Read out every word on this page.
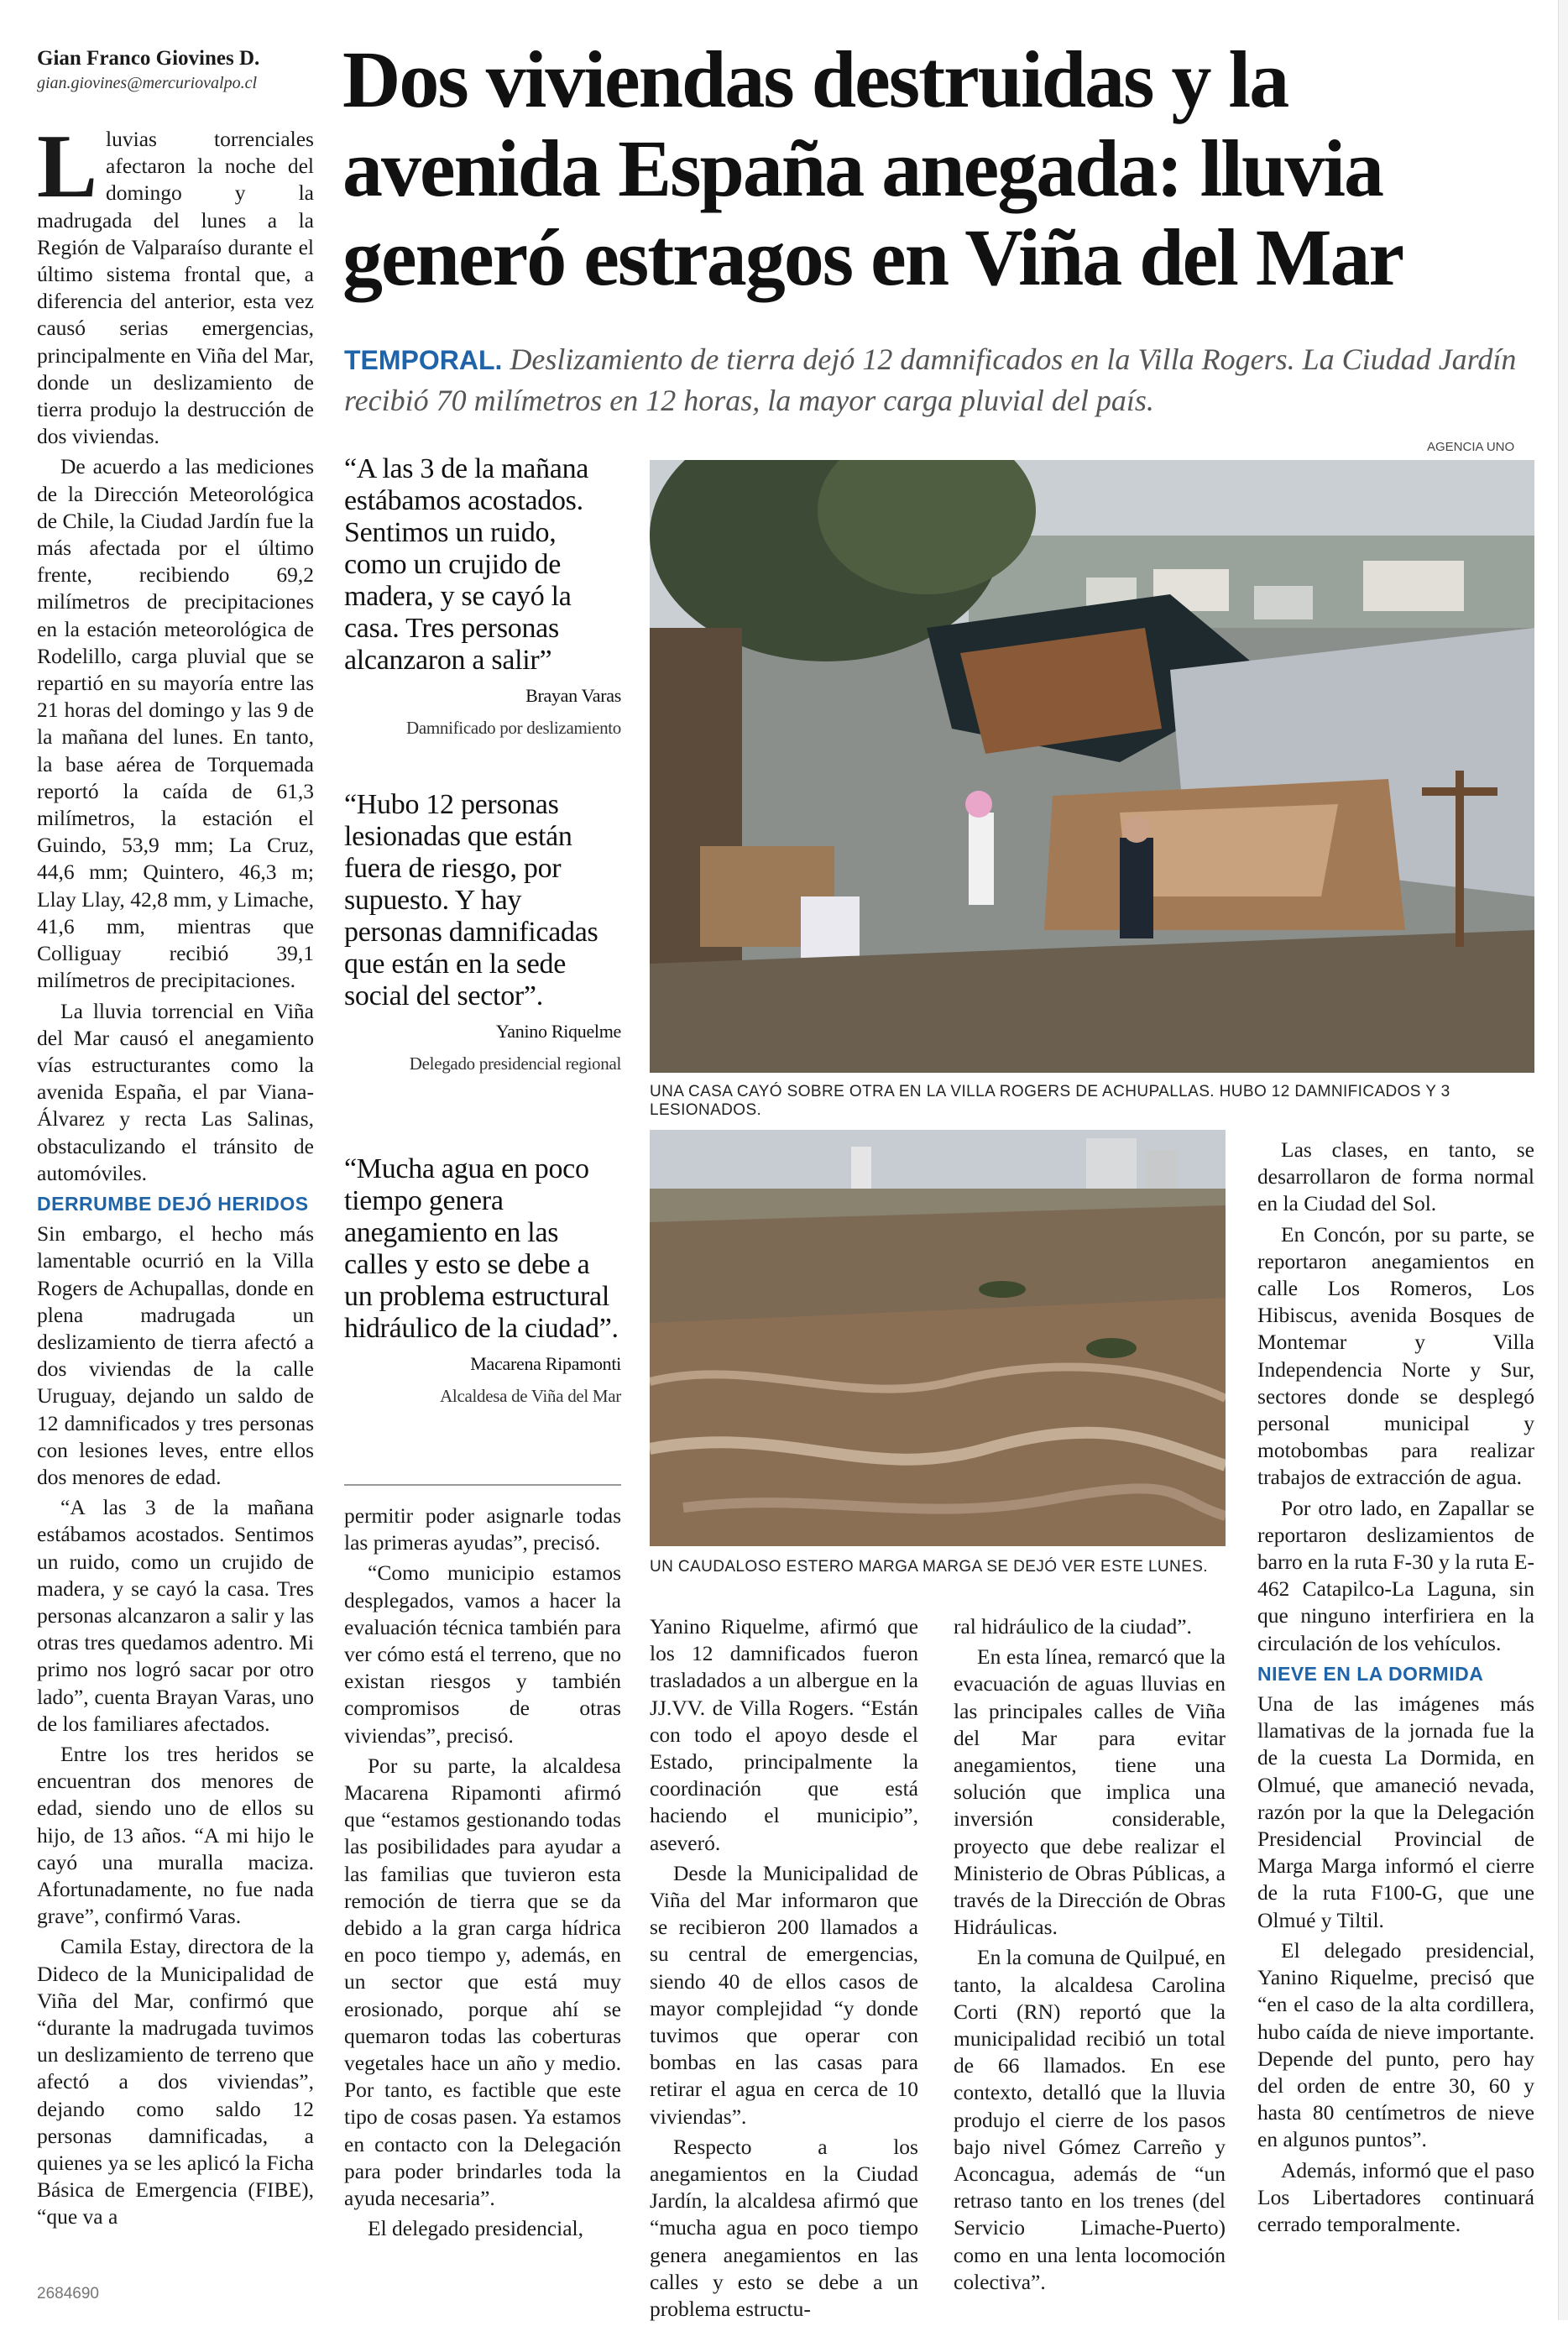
Gian Franco Giovines D.
gian.giovines@mercuriovalpo.cl Dos viviendas destruidas y la avenida España anegada: lluvia generó estragos en Viña del Mar
TEMPORAL. Deslizamiento de tierra dejó 12 damnificados en la Villa Rogers. La Ciudad Jardín recibió 70 milímetros en 12 horas, la mayor carga pluvial del país.
AGENCIA UNO

Lluvias torrenciales afectaron la noche del domingo y la madrugada del lunes a la Región de Valparaíso durante el último sistema frontal que, a diferencia del anterior, esta vez causó serias emergencias, principalmente en Viña del Mar, donde un deslizamiento de tierra produjo la destrucción de dos viviendas.

De acuerdo a las mediciones de la Dirección Meteorológica de Chile, la Ciudad Jardín fue la más afectada por el último frente, recibiendo 69,2 milímetros de precipitaciones en la estación meteorológica de Rodelillo, carga pluvial que se repartió en su mayoría entre las 21 horas del domingo y las 9 de la mañana del lunes. En tanto, la base aérea de Torquemada reportó la caída de 61,3 milímetros, la estación el Guindo, 53,9 mm; La Cruz, 44,6 mm; Quintero, 46,3 m; Llay Llay, 42,8 mm, y Limache, 41,6 mm, mientras que Colliguay recibió 39,1 milímetros de precipitaciones.

La lluvia torrencial en Viña del Mar causó el anegamiento vías estructurantes como la avenida España, el par Viana-Álvarez y recta Las Salinas, obstaculizando el tránsito de automóviles.

DERRUMBE DEJÓ HERIDOS

Sin embargo, el hecho más lamentable ocurrió en la Villa Rogers de Achupallas, donde en plena madrugada un deslizamiento de tierra afectó a dos viviendas de la calle Uruguay, dejando un saldo de 12 damnificados y tres personas con lesiones leves, entre ellos dos menores de edad.

“A las 3 de la mañana estábamos acostados. Sentimos un ruido, como un crujido de madera, y se cayó la casa. Tres personas alcanzaron a salir y las otras tres quedamos adentro. Mi primo nos logró sacar por otro lado”, cuenta Brayan Varas, uno de los familiares afectados.

Entre los tres heridos se encuentran dos menores de edad, siendo uno de ellos su hijo, de 13 años. “A mi hijo le cayó una muralla maciza. Afortunadamente, no fue nada grave”, confirmó Varas.

Camila Estay, directora de la Dideco de la Municipalidad de Viña del Mar, confirmó que “durante la madrugada tuvimos un deslizamiento de terreno que afectó a dos viviendas”, dejando como saldo 12 personas damnificadas, a quienes ya se les aplicó la Ficha Básica de Emergencia (FIBE), “que va a

2684690
“A las 3 de la mañana estábamos acostados. Sentimos un ruido, como un crujido de madera, y se cayó la casa. Tres personas alcanzaron a salir”
Brayan Varas
Damnificado por deslizamiento
“Hubo 12 personas lesionadas que están fuera de riesgo, por supuesto. Y hay personas damnificadas que están en la sede social del sector”.
Yanino Riquelme
Delegado presidencial regional
“Mucha agua en poco tiempo genera anegamiento en las calles y esto se debe a un problema estructural hidráulico de la ciudad”.
Macarena Ripamonti
Alcaldesa de Viña del Mar
UNA CASA CAYÓ SOBRE OTRA EN LA VILLA ROGERS DE ACHUPALLAS. HUBO 12 DAMNIFICADOS Y 3 LESIONADOS.
UN CAUDALOSO ESTERO MARGA MARGA SE DEJÓ VER ESTE LUNES.

permitir poder asignarle todas las primeras ayudas”, precisó.

“Como municipio estamos desplegados, vamos a hacer la evaluación técnica también para ver cómo está el terreno, que no existan riesgos y también compromisos de otras viviendas”, precisó.

Por su parte, la alcaldesa Macarena Ripamonti afirmó que “estamos gestionando todas las posibilidades para ayudar a las familias que tuvieron esta remoción de tierra que se da debido a la gran carga hídrica en poco tiempo y, además, en un sector que está muy erosionado, porque ahí se quemaron todas las coberturas vegetales hace un año y medio. Por tanto, es factible que este tipo de cosas pasen. Ya estamos en contacto con la Delegación para poder brindarles toda la ayuda necesaria”.

El delegado presidencial,

Yanino Riquelme, afirmó que los 12 damnificados fueron trasladados a un albergue en la JJ.VV. de Villa Rogers. “Están con todo el apoyo desde el Estado, principalmente la coordinación que está haciendo el municipio”, aseveró.

Desde la Municipalidad de Viña del Mar informaron que se recibieron 200 llamados a su central de emergencias, siendo 40 de ellos casos de mayor complejidad “y donde tuvimos que operar con bombas en las casas para retirar el agua en cerca de 10 viviendas”.

Respecto a los anegamientos en la Ciudad Jardín, la alcaldesa afirmó que “mucha agua en poco tiempo genera anegamientos en las calles y esto se debe a un problema estructu-

ral hidráulico de la ciudad”.

En esta línea, remarcó que la evacuación de aguas lluvias en las principales calles de Viña del Mar para evitar anegamientos, tiene una solución que implica una inversión considerable, proyecto que debe realizar el Ministerio de Obras Públicas, a través de la Dirección de Obras Hidráulicas.

En la comuna de Quilpué, en tanto, la alcaldesa Carolina Corti (RN) reportó que la municipalidad recibió un total de 66 llamados. En ese contexto, detalló que la lluvia produjo el cierre de los pasos bajo nivel Gómez Carreño y Aconcagua, además de “un retraso tanto en los trenes (del Servicio Limache-Puerto) como en una lenta locomoción colectiva”.

Las clases, en tanto, se desarrollaron de forma normal en la Ciudad del Sol.

En Concón, por su parte, se reportaron anegamientos en calle Los Romeros, Los Hibiscus, avenida Bosques de Montemar y Villa Independencia Norte y Sur, sectores donde se desplegó personal municipal y motobombas para realizar trabajos de extracción de agua.

Por otro lado, en Zapallar se reportaron deslizamientos de barro en la ruta F-30 y la ruta E-462 Catapilco-La Laguna, sin que ninguno interfiriera en la circulación de los vehículos.

NIEVE EN LA DORMIDA

Una de las imágenes más llamativas de la jornada fue la de la cuesta La Dormida, en Olmué, que amaneció nevada, razón por la que la Delegación Presidencial Provincial de Marga Marga informó el cierre de la ruta F100-G, que une Olmué y Tiltil.

El delegado presidencial, Yanino Riquelme, precisó que “en el caso de la alta cordillera, hubo caída de nieve importante. Depende del punto, pero hay del orden de entre 30, 60 y hasta 80 centímetros de nieve en algunos puntos”.

Además, informó que el paso Los Libertadores continuará cerrado temporalmente.
